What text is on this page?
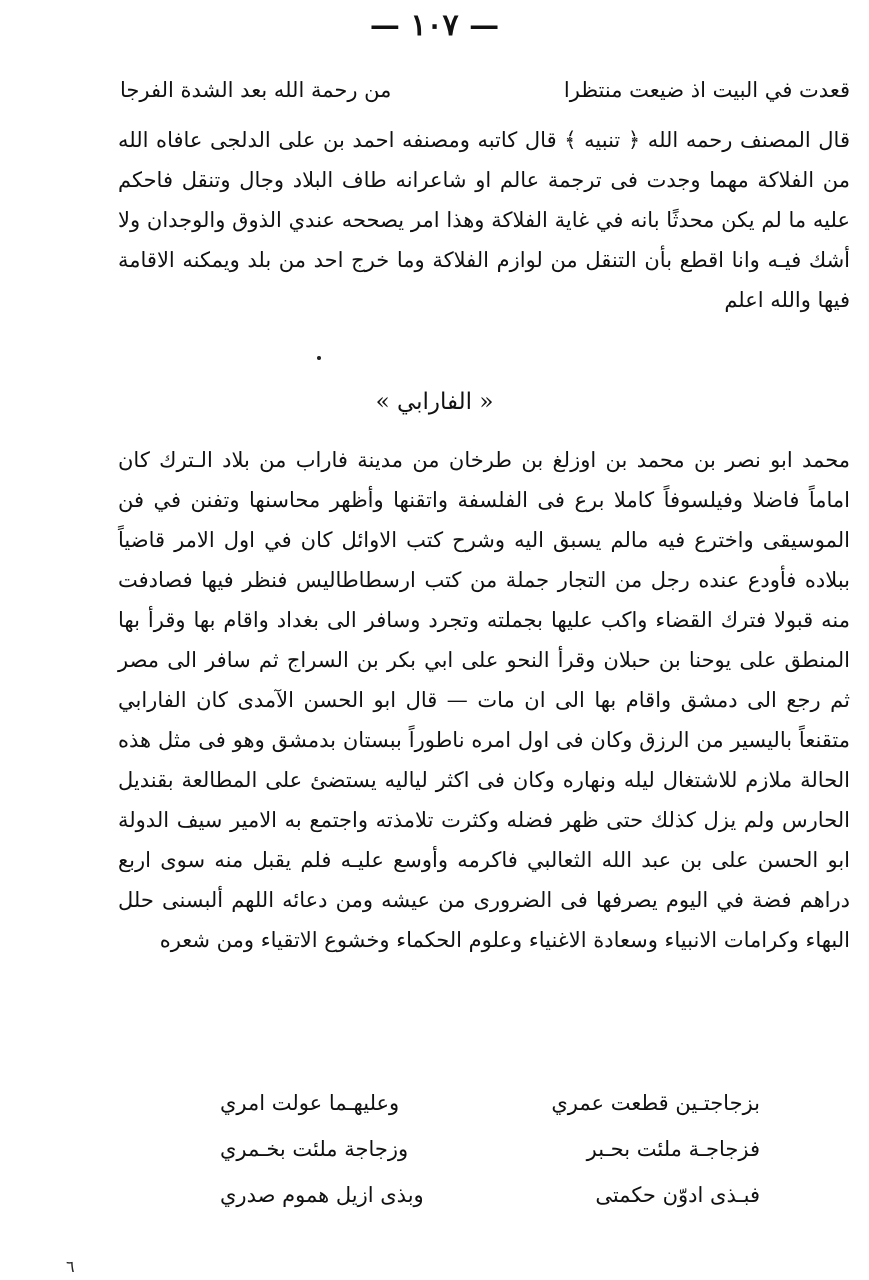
— ١٠٧ —
قعدت في البيت اذ ضيعت منتظرا
من رحمة الله بعد الشدة الفرجا
قال المصنف رحمه الله ﴿ تنبيه ﴾ قال كاتبه ومصنفه احمد بن على الدلجى عافاه الله من الفلاكة مهما وجدت فى ترجمة عالم او شاعرانه طاف البلاد وجال وتنقل فاحكم عليه ما لم يكن محدثًا بانه في غاية الفلاكة وهذا امر يصححه عندي الذوق والوجدان ولا أشك فيـه وانا اقطع بأن التنقل من لوازم الفلاكة وما خرج احد من بلد ويمكنه الاقامة فيها والله اعلم
« الفارابي »
محمد ابو نصر بن محمد بن اوزلغ بن طرخان من مدينة فاراب من بلاد الـترك كان اماماً فاضلا وفيلسوفاً كاملا برع فى الفلسفة واتقنها وأظهر محاسنها وتفنن في فن الموسيقى واخترع فيه مالم يسبق اليه وشرح كتب الاوائل كان في اول الامر قاضياً ببلاده فأودع عنده رجل من التجار جملة من كتب ارسطاطاليس فنظر فيها فصادفت منه قبولا فترك القضاء واكب عليها بجملته وتجرد وسافر الى بغداد واقام بها وقرأ بها المنطق على يوحنا بن حبلان وقرأ النحو على ابي بكر بن السراج ثم سافر الى مصر ثم رجع الى دمشق واقام بها الى ان مات — قال ابو الحسن الآمدى كان الفارابي متقنعاً باليسير من الرزق وكان فى اول امره ناطوراً ببستان بدمشق وهو فى مثل هذه الحالة ملازم للاشتغال ليله ونهاره وكان فى اكثر لياليه يستضئ على المطالعة بقنديل الحارس ولم يزل كذلك حتى ظهر فضله وكثرت تلامذته واجتمع به الامير سيف الدولة ابو الحسن على بن عبد الله الثعالبي فاكرمه وأوسع عليـه فلم يقبل منه سوى اربع دراهم فضة في اليوم يصرفها فى الضرورى من عيشه ومن دعائه اللهم ألبسنى حلل البهاء وكرامات الانبياء وسعادة الاغنياء وعلوم الحكماء وخشوع الاتقياء ومن شعره
بزجاجتـين قطعت عمري
وعليهـما عولت امري
فزجاجـة ملئت بحـبر
وزجاجة ملئت بخـمري
فبـذى ادوّن حكمتى
وبذى ازيل هموم صدري
٦
